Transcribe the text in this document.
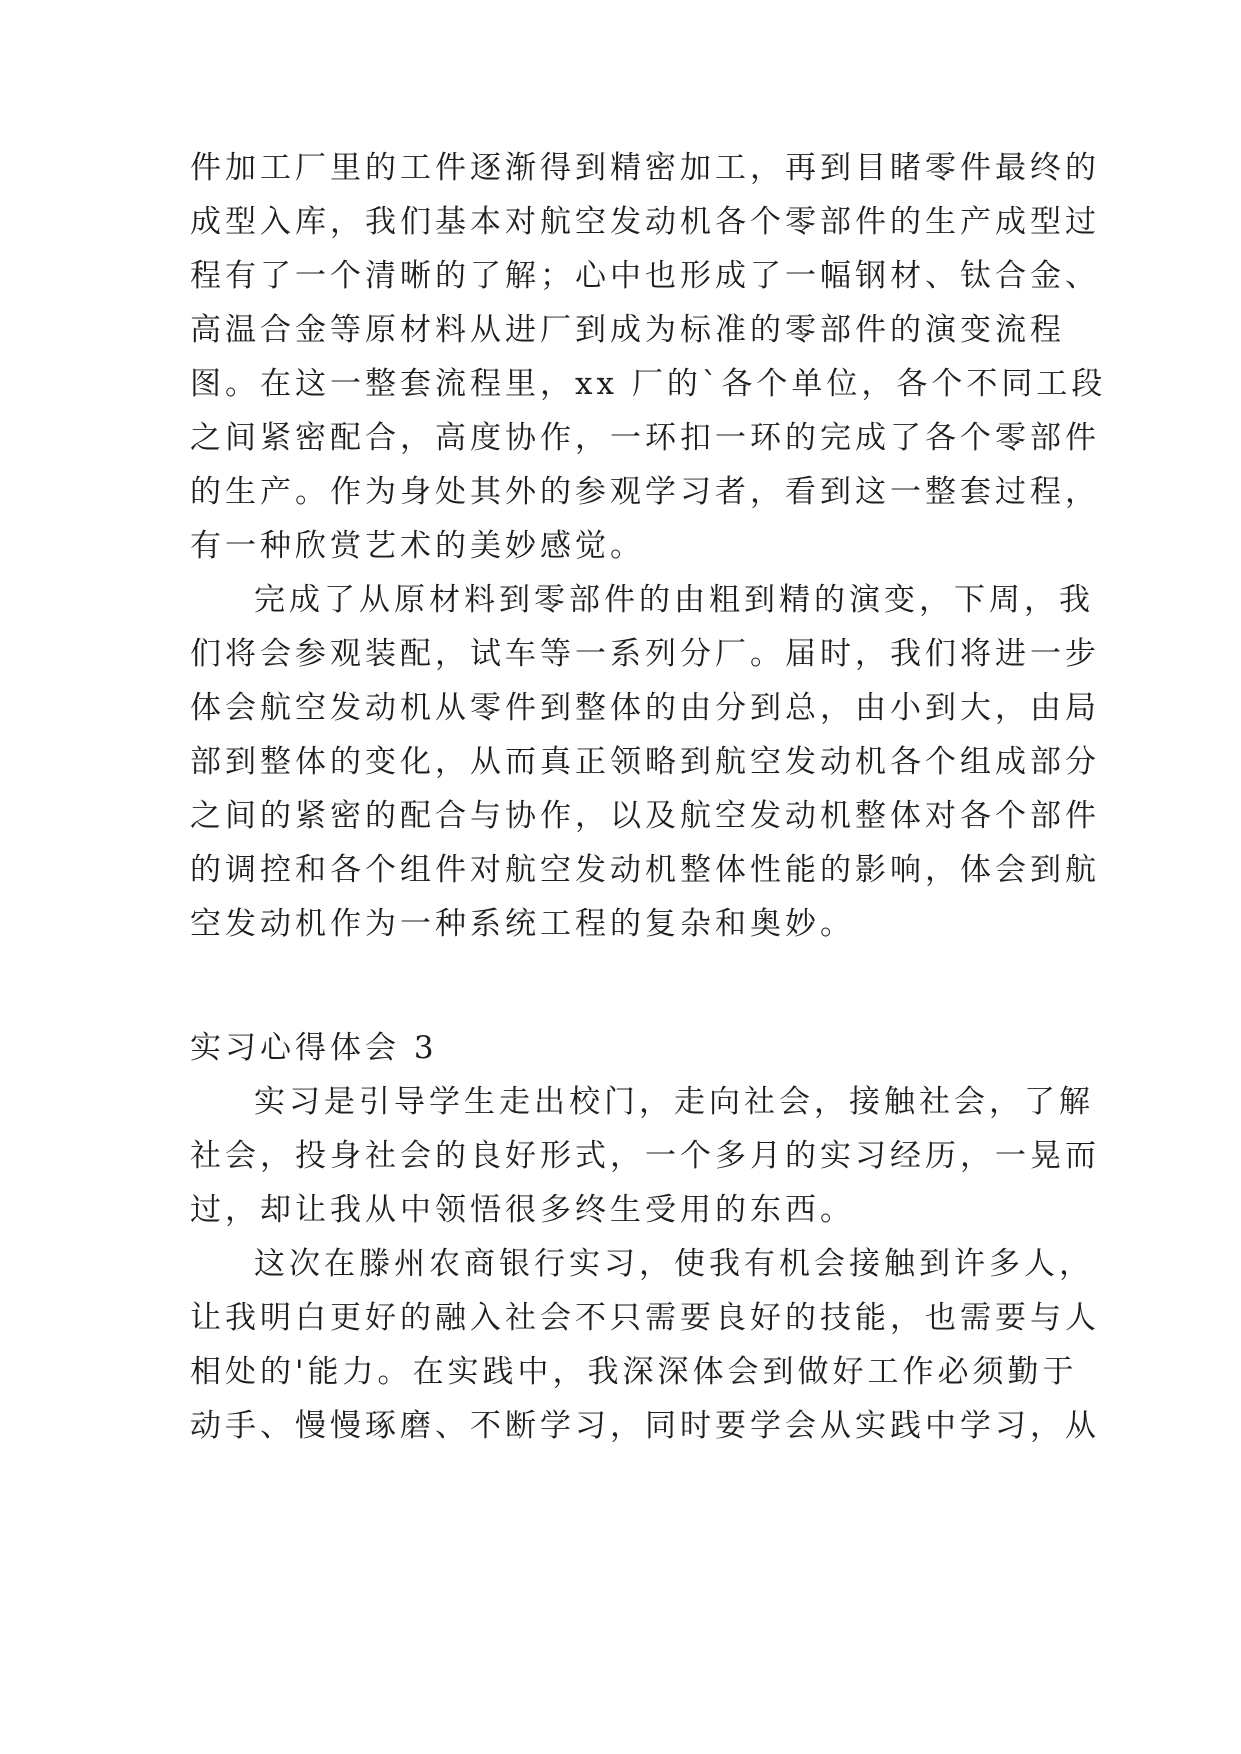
件加工厂里的工件逐渐得到精密加工，再到目睹零件最终的

成型入库，我们基本对航空发动机各个零部件的生产成型过

程有了一个清晰的了解；心中也形成了一幅钢材、钛合金、

高温合金等原材料从进厂到成为标准的零部件的演变流程

图。在这一整套流程里，xx 厂的`各个单位，各个不同工段

之间紧密配合，高度协作，一环扣一环的完成了各个零部件

的生产。作为身处其外的参观学习者，看到这一整套过程，

有一种欣赏艺术的美妙感觉。

完成了从原材料到零部件的由粗到精的演变，下周，我

们将会参观装配，试车等一系列分厂。届时，我们将进一步

体会航空发动机从零件到整体的由分到总，由小到大，由局

部到整体的变化，从而真正领略到航空发动机各个组成部分

之间的紧密的配合与协作，以及航空发动机整体对各个部件

的调控和各个组件对航空发动机整体性能的影响，体会到航

空发动机作为一种系统工程的复杂和奥妙。

实习心得体会 3

实习是引导学生走出校门，走向社会，接触社会，了解

社会，投身社会的良好形式，一个多月的实习经历，一晃而

过，却让我从中领悟很多终生受用的东西。

这次在滕州农商银行实习，使我有机会接触到许多人，

让我明白更好的融入社会不只需要良好的技能，也需要与人

相处的'能力。在实践中，我深深体会到做好工作必须勤于

动手、慢慢琢磨、不断学习，同时要学会从实践中学习，从
